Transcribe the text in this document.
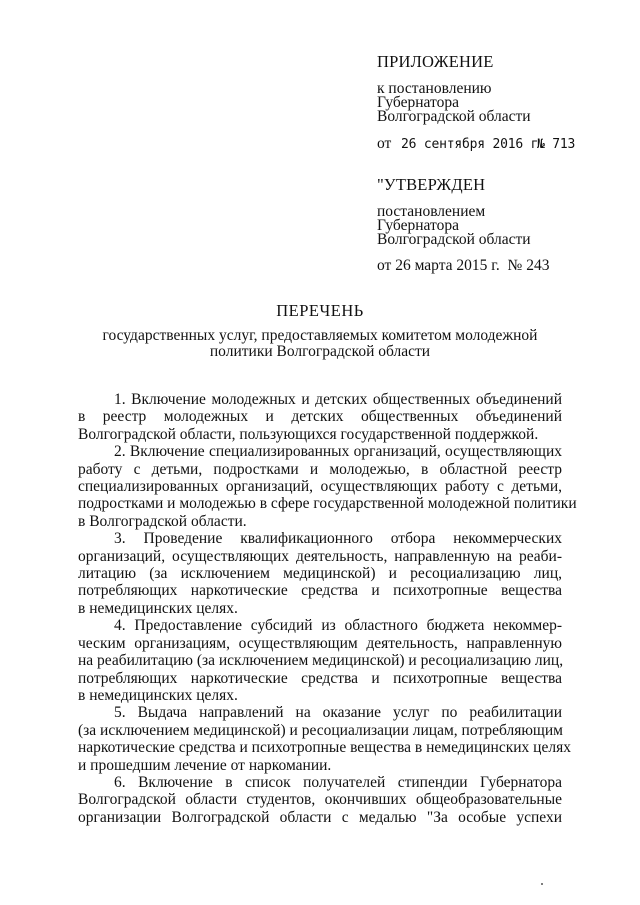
ПРИЛОЖЕНИЕ
к постановлению
Губернатора
Волгоградской области
от 26 сентября 2016 г.
№ 713
"УТВЕРЖДЕН
постановлением
Губернатора
Волгоградской области
от 26 марта 2015 г.  № 243
ПЕРЕЧЕНЬ
государственных услуг, предоставляемых комитетом молодежной
политики Волгоградской области
1. Включение молодежных и детских общественных объединений
в реестр молодежных и детских общественных объединений
Волгоградской области, пользующихся государственной поддержкой.
2. Включение специализированных организаций, осуществляющих
работу с детьми, подростками и молодежью, в областной реестр
специализированных организаций, осуществляющих работу с детьми,
подростками и молодежью в сфере государственной молодежной политики
в Волгоградской области.
3. Проведение квалификационного отбора некоммерческих
организаций, осуществляющих деятельность, направленную на реаби-
литацию (за исключением медицинской) и ресоциализацию лиц,
потребляющих наркотические средства и психотропные вещества
в немедицинских целях.
4. Предоставление субсидий из областного бюджета некоммер-
ческим организациям, осуществляющим деятельность, направленную
на реабилитацию (за исключением медицинской) и ресоциализацию лиц,
потребляющих наркотические средства и психотропные вещества
в немедицинских целях.
5. Выдача направлений на оказание услуг по реабилитации
(за исключением медицинской) и ресоциализации лицам, потребляющим
наркотические средства и психотропные вещества в немедицинских целях
и прошедшим лечение от наркомании.
6. Включение в список получателей стипендии Губернатора
Волгоградской области студентов, окончивших общеобразовательные
организации Волгоградской области с медалью "За особые успехи
